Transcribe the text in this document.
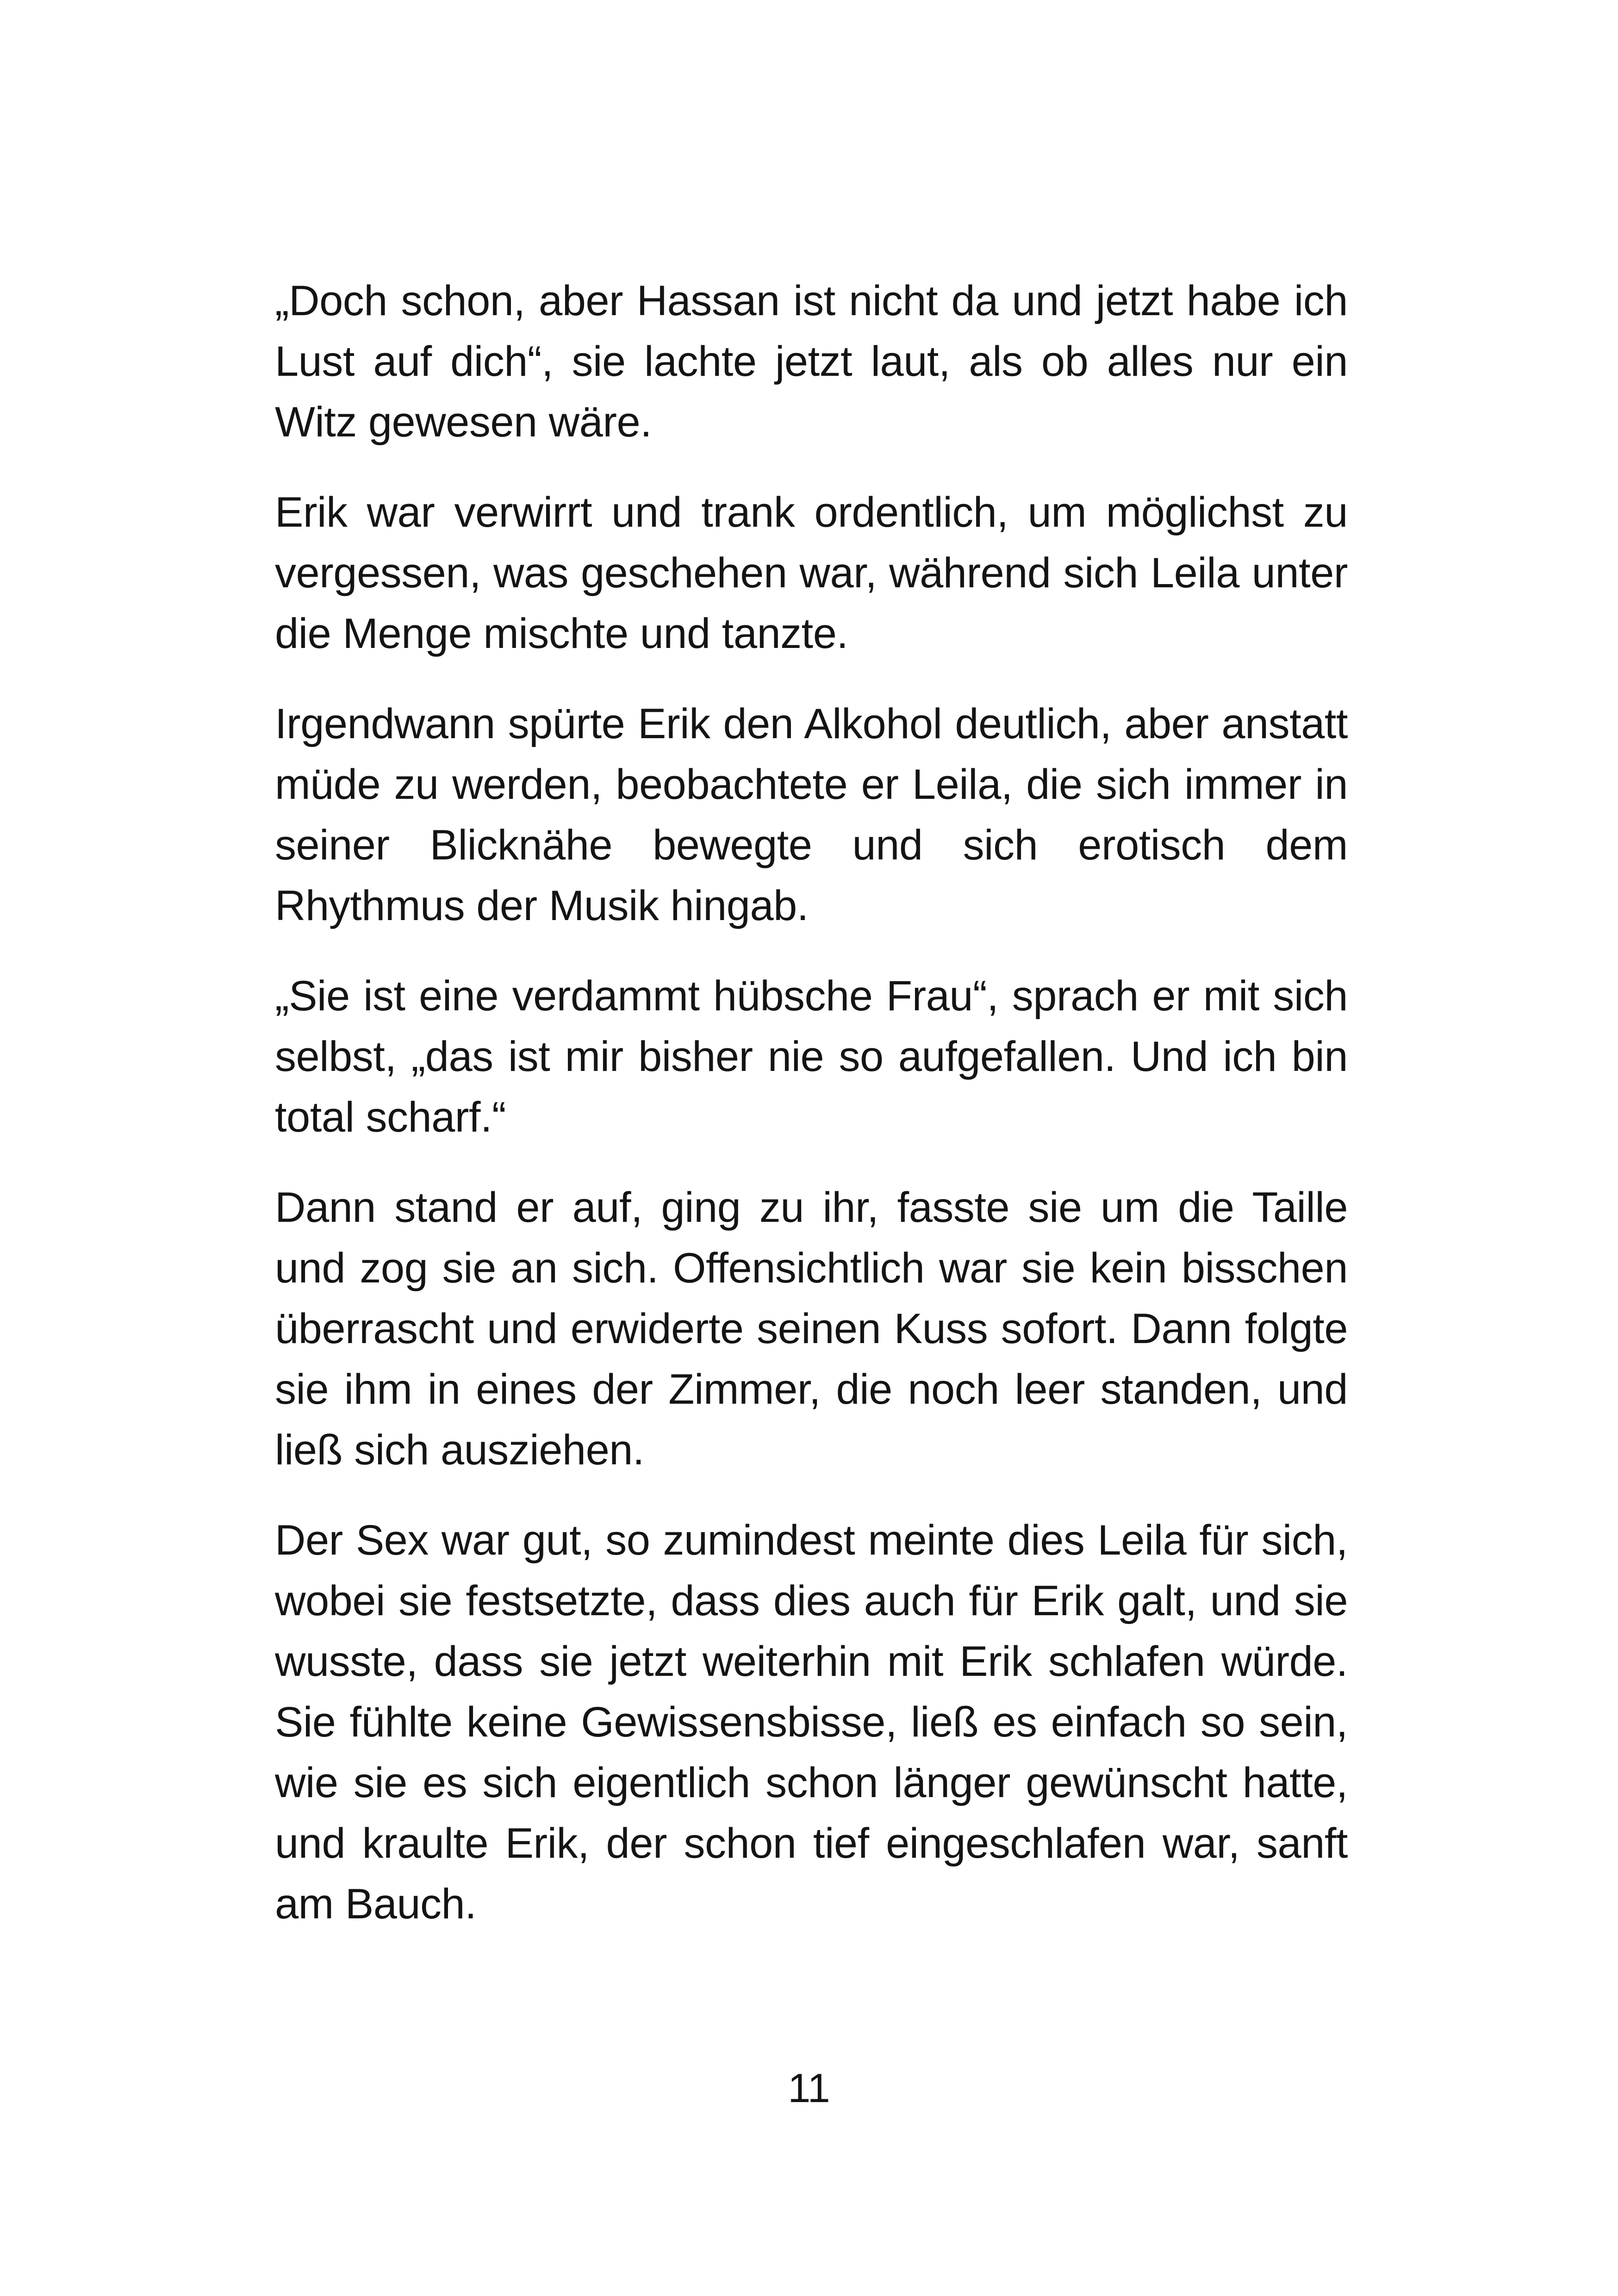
„Doch schon, aber Hassan ist nicht da und jetzt habe ich Lust auf dich“, sie lachte jetzt laut, als ob alles nur ein Witz gewesen wäre.

Erik war verwirrt und trank ordentlich, um möglichst zu vergessen, was geschehen war, während sich Leila unter die Menge mischte und tanzte.

Irgendwann spürte Erik den Alkohol deutlich, aber anstatt müde zu werden, beobachtete er Leila, die sich immer in seiner Blicknähe bewegte und sich erotisch dem Rhythmus der Musik hingab.

„Sie ist eine verdammt hübsche Frau“, sprach er mit sich selbst, „das ist mir bisher nie so aufgefallen. Und ich bin total scharf.“

Dann stand er auf, ging zu ihr, fasste sie um die Taille und zog sie an sich. Offensichtlich war sie kein bisschen überrascht und erwiderte seinen Kuss sofort. Dann folgte sie ihm in eines der Zimmer, die noch leer standen, und ließ sich ausziehen.

Der Sex war gut, so zumindest meinte dies Leila für sich, wobei sie festsetzte, dass dies auch für Erik galt, und sie wusste, dass sie jetzt weiterhin mit Erik schlafen würde. Sie fühlte keine Gewissensbisse, ließ es einfach so sein, wie sie es sich eigentlich schon länger gewünscht hatte, und kraulte Erik, der schon tief eingeschlafen war, sanft am Bauch.

11
